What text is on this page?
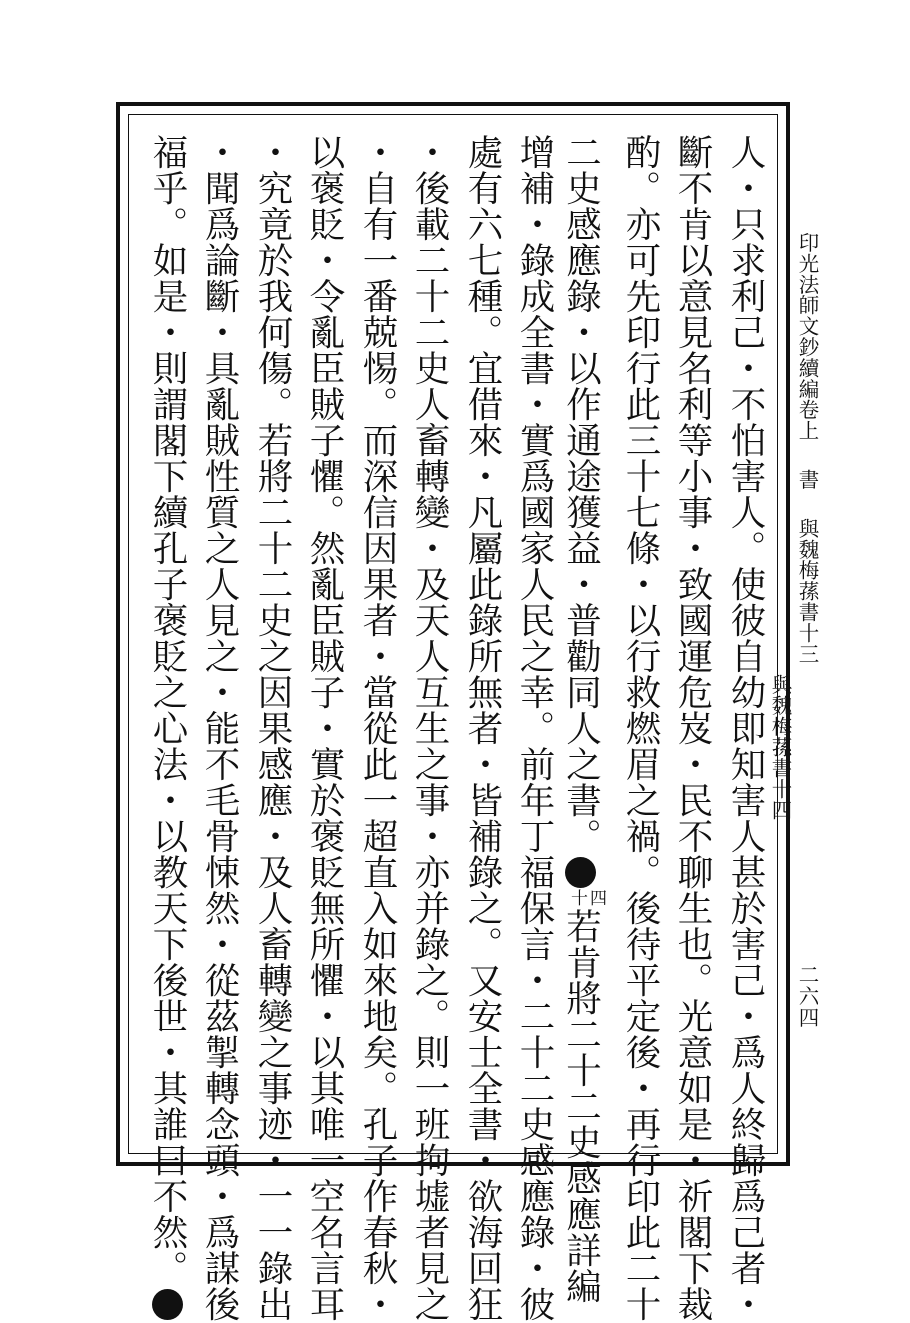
印光法師文鈔續編卷上書與魏梅蓀書十三
與魏梅蓀書十四
二六四

人・只求利己・不怕害人。使彼自幼即知害人甚於害己・爲人終歸爲己者・

斷不肯以意見名利等小事・致國運危岌・民不聊生也。光意如是・祈閣下裁

酌。亦可先印行此三十七條・以行救燃眉之禍。後待平定後・再行印此二十

二史感應錄・以作通途獲益・普勸同人之書。十四若肯將二十二史感應詳編

增補・錄成全書・實爲國家人民之幸。前年丁福保言・二十二史感應錄・彼

處有六七種。宜借來・凡屬此錄所無者・皆補錄之。又安士全書・欲海回狂

・後載二十二史人畜轉變・及天人互生之事・亦并錄之。則一班拘墟者見之

・自有一番兢惕。而深信因果者・當從此一超直入如來地矣。孔子作春秋・

以褒貶・令亂臣賊子懼。然亂臣賊子・實於褒貶無所懼・以其唯一空名言耳

・究竟於我何傷。若將二十二史之因果感應・及人畜轉變之事迹・一一錄出

・聞爲論斷・具亂賊性質之人見之・能不毛骨悚然・從茲掣轉念頭・爲謀後

福乎。如是・則謂閣下續孔子褒貶之心法・以教天下後世・其誰曰不然。
